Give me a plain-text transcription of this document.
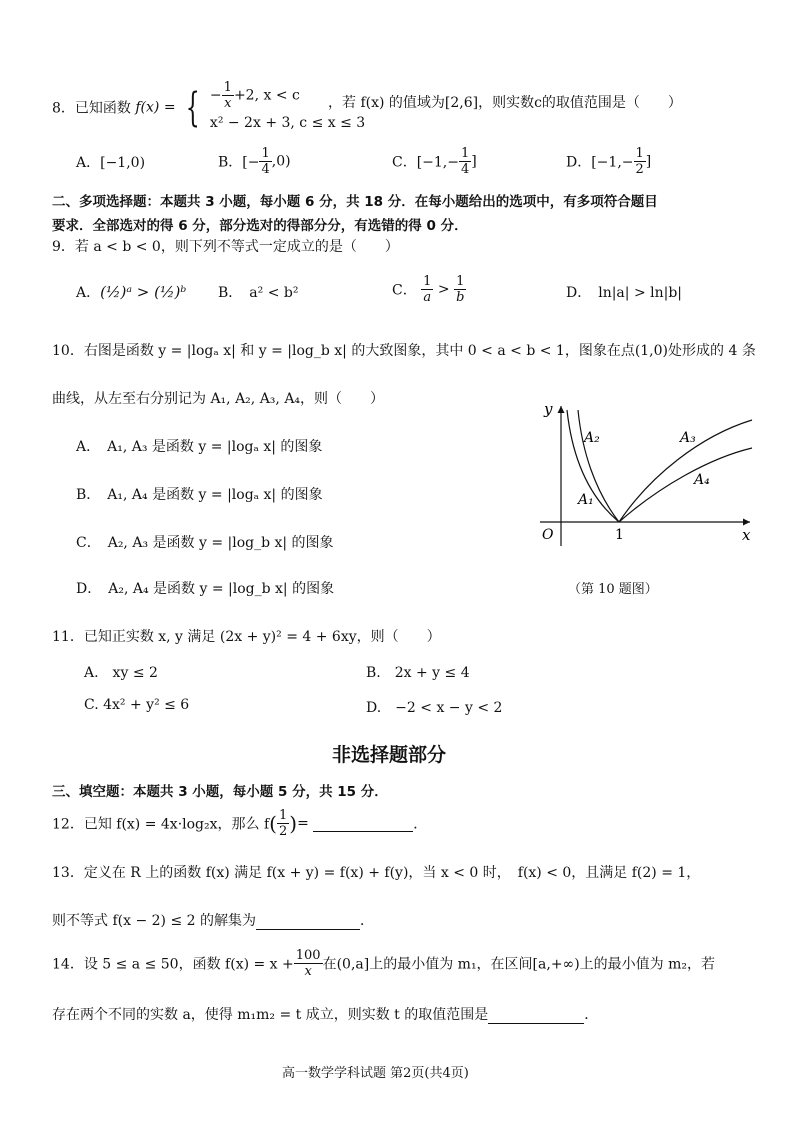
8．已知函数 f(x) = { − $\frac{1}{x} +2$, x < c
x² − 2x + 3, c ≤ x ≤ 3
，若 f(x) 的值域为[2,6]，则实数c的取值范围是（　　）
A．[−1,0)	B．[− $\frac{1}{4} ,0$)	C．[$-1,- \frac{1}{4}$ ]	D．[$-1,- \frac{1}{2}$ ]
二、多项选择题：本题共 3 小题，每小题 6 分，共 18 分．在每小题给出的选项中，有多项符合题目
要求．全部选对的得 6 分，部分选对的得部分分，有选错的得 0 分．
9．若 a < b < 0，则下列不等式一定成立的是（　　）
A．(½)ᵃ > (½)ᵇ B．　a² < b²	C． $\frac{1}{a} > \frac{1}{b}$	D．　ln|a| > ln|b|
10．右图是函数 y = |logₐ x| 和 y = |log_b x| 的大致图象，其中 0 < a < b < 1，图象在点(1,0)处形成的 4 条
曲线，从左至右分别记为 A₁, A₂, A₃, A₄，则（　　）
A．　A₁, A₃ 是函数 y = |logₐ x| 的图象
B．　A₁, A₄ 是函数 y = |logₐ x| 的图象
C．　A₂, A₃ 是函数 y = |log_b x| 的图象
D．　A₂, A₄ 是函数 y = |log_b x| 的图象
y
x
O	1
A₂
A₁
A₃
A₄
（第 10 题图）
11．已知正实数 x, y 满足 (2x + y)² = 4 + 6xy，则（　　）
A.　xy ≤ 2	B.　2x + y ≤ 4
C. 4x² + y² ≤ 6	D.　−2 < x − y < 2
非选择题部分
三、填空题：本题共 3 小题，每小题 5 分，共 15 分．
12．已知 f(x) = 4x·log₂x，那么 $f( \frac{1}{2}$ )=	．
13．定义在 R 上的函数 f(x) 满足 f(x + y) = f(x) + f(y)，当 x < 0 时，　f(x) < 0，且满足 f(2) = 1，
则不等式 f(x − 2) ≤ 2 的解集为	．
14．设 5 ≤ a ≤ 50，函数 $f(x) = x + \frac{100}{x}$ 在(0,a]上的最小值为 m₁，在区间[a,+∞)上的最小值为 m₂，若
存在两个不同的实数 a，使得 m₁m₂ = t 成立，则实数 t 的取值范围是	．
高一数学学科试题 第2页(共4页)
